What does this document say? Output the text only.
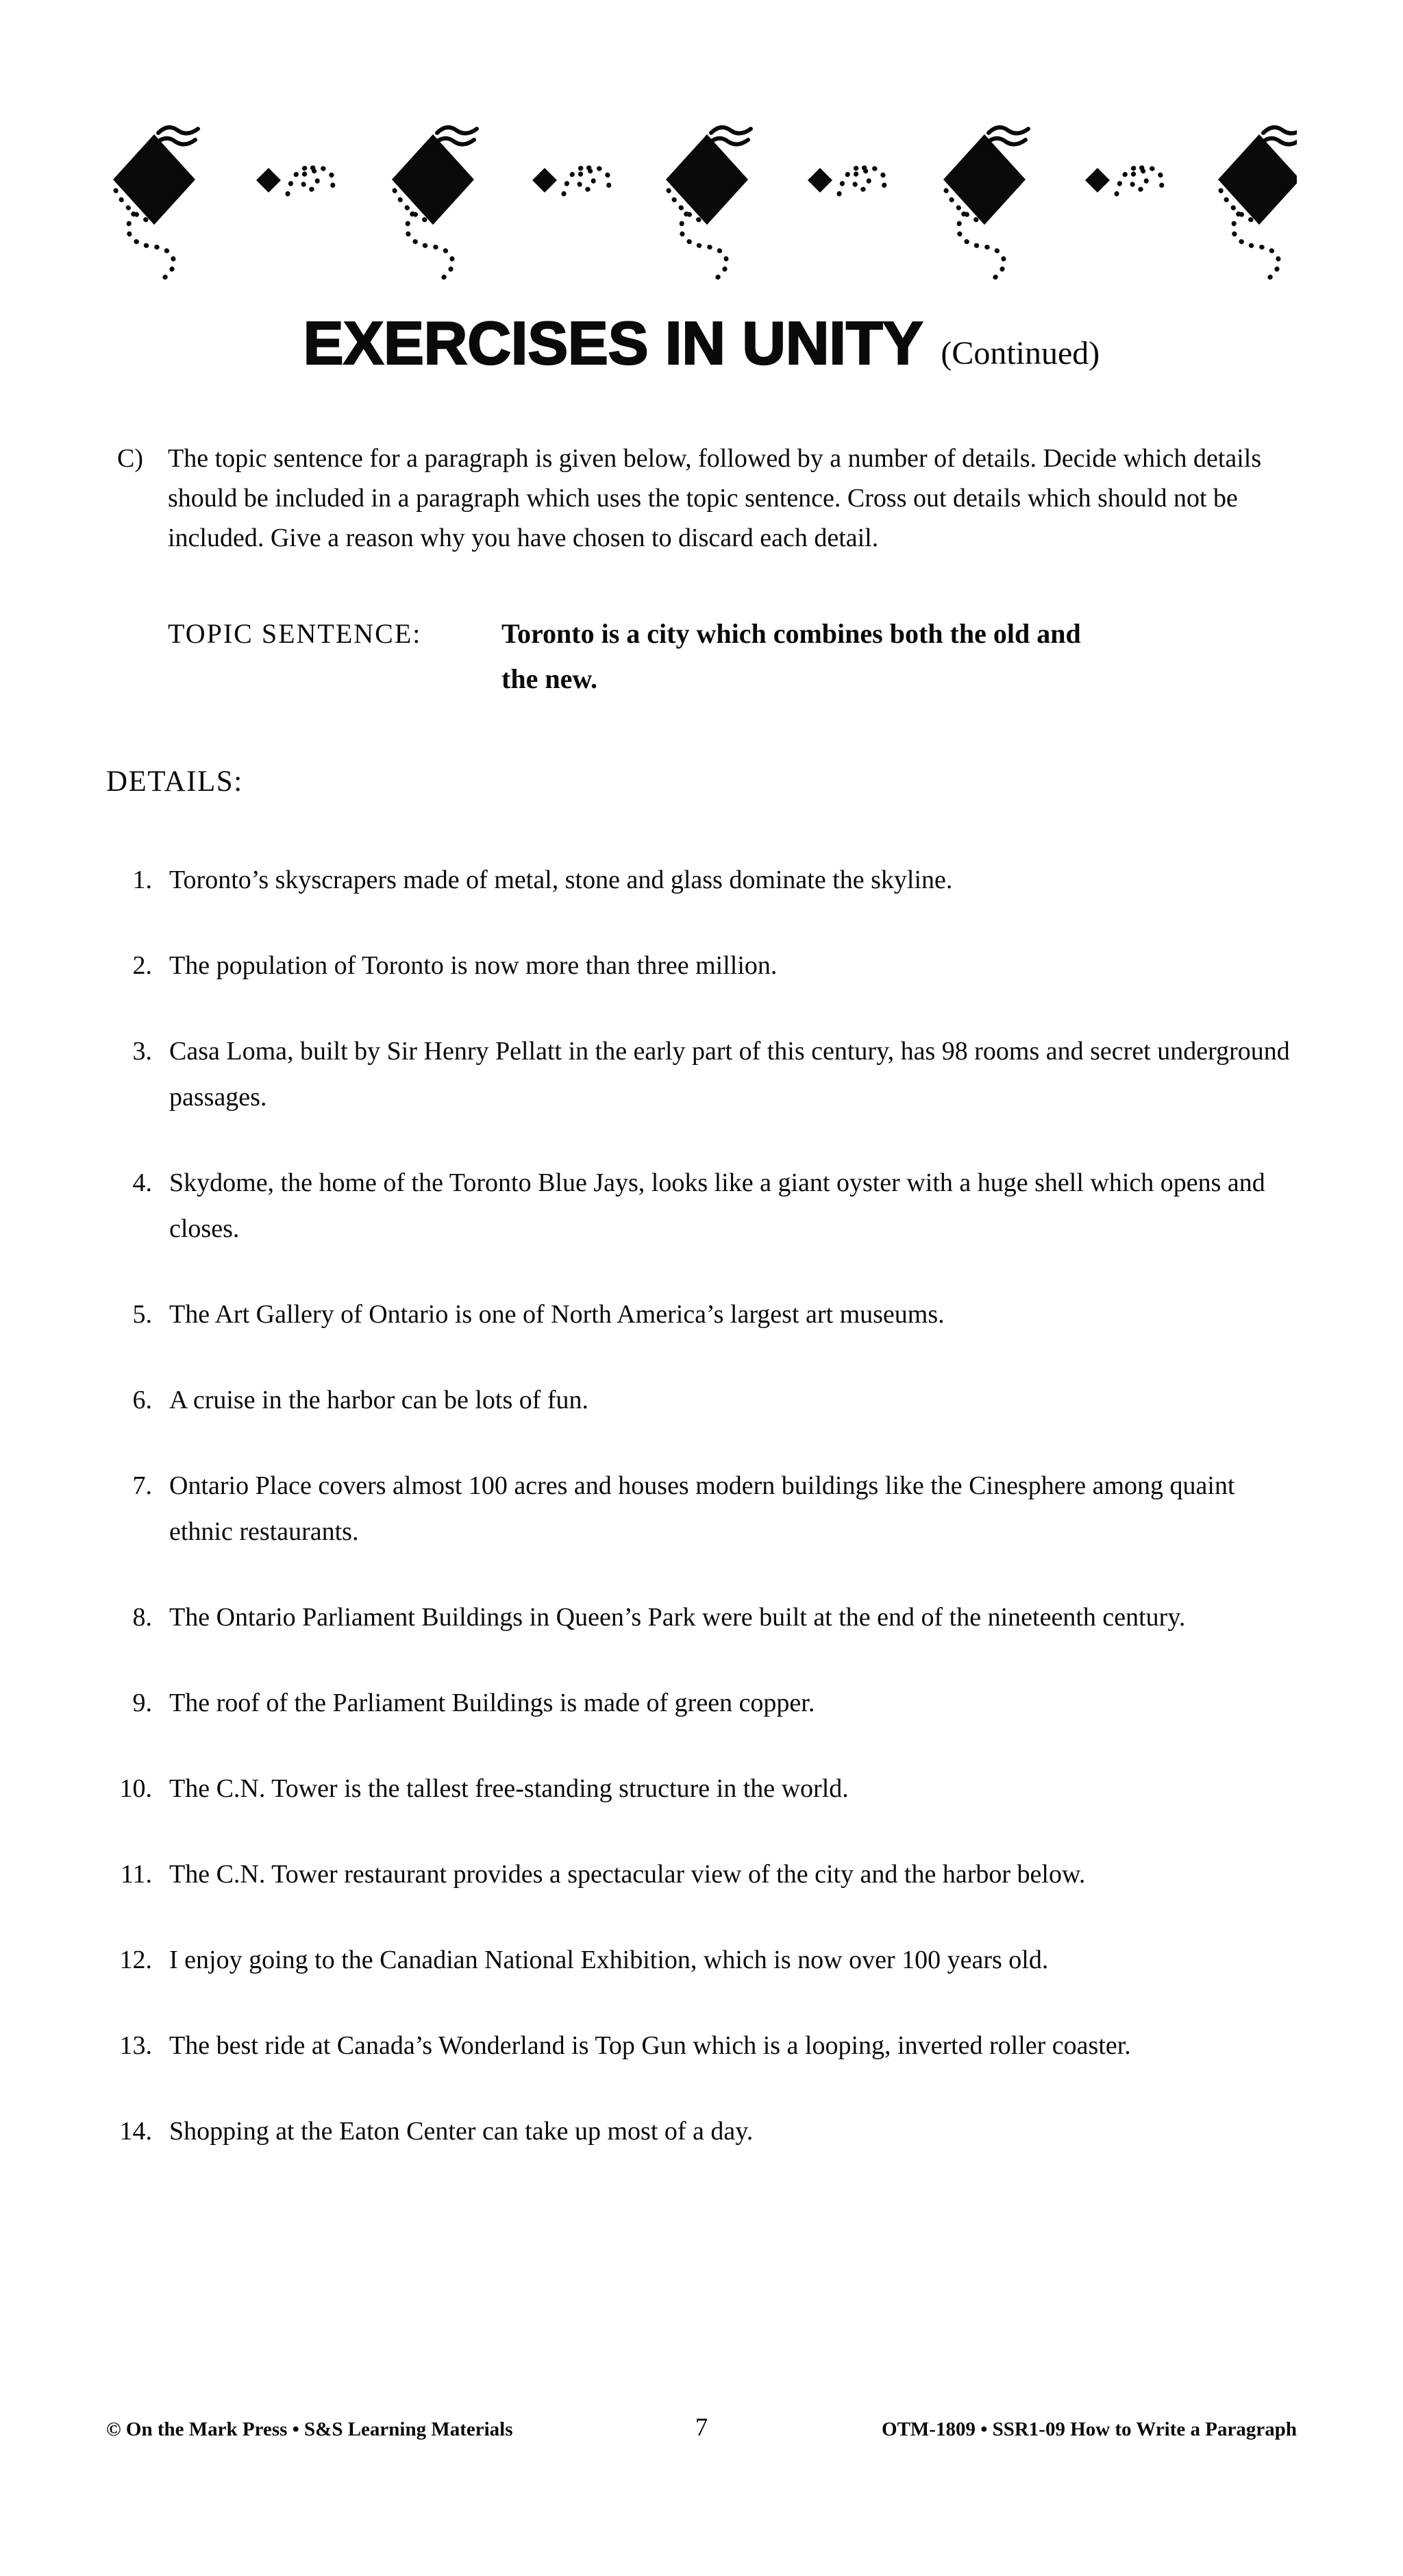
EXERCISES IN UNITY (Continued)
C) The topic sentence for a paragraph is given below, followed by a number of details. Decide which details should be included in a paragraph which uses the topic sentence. Cross out details which should not be included. Give a reason why you have chosen to discard each detail.

TOPIC SENTENCE:	Toronto is a city which combines both the old and
the new.
DETAILS:
1. Toronto’s skyscrapers made of metal, stone and glass dominate the skyline.
2. The population of Toronto is now more than three million.
3. Casa Loma, built by Sir Henry Pellatt in the early part of this century, has 98 rooms and secret underground passages.
4. Skydome, the home of the Toronto Blue Jays, looks like a giant oyster with a huge shell which opens and closes.
5. The Art Gallery of Ontario is one of North America’s largest art museums.
6. A cruise in the harbor can be lots of fun.
7. Ontario Place covers almost 100 acres and houses modern buildings like the Cinesphere among quaint ethnic restaurants.
8. The Ontario Parliament Buildings in Queen’s Park were built at the end of the nineteenth century.
9. The roof of the Parliament Buildings is made of green copper.
10. The C.N. Tower is the tallest free-standing structure in the world.
11. The C.N. Tower restaurant provides a spectacular view of the city and the harbor below.
12. I enjoy going to the Canadian National Exhibition, which is now over 100 years old.
13. The best ride at Canada’s Wonderland is Top Gun which is a looping, inverted roller coaster.
14. Shopping at the Eaton Center can take up most of a day.
© On the Mark Press • S&S Learning Materials	7	OTM-1809 • SSR1-09 How to Write a Paragraph
